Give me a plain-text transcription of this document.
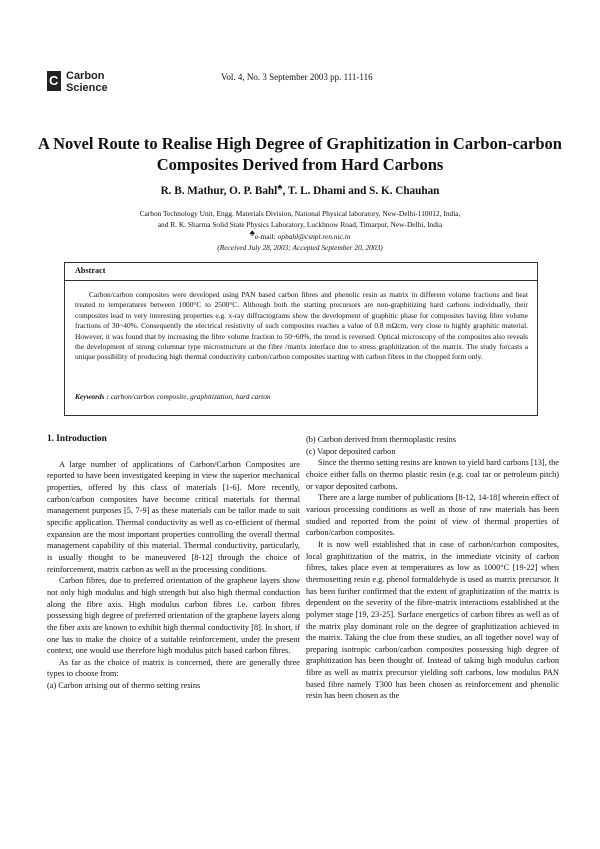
C
Carbon
Science
Vol. 4, No. 3 September 2003 pp. 111-116
A Novel Route to Realise High Degree of Graphitization in Carbon-carbon Composites Derived from Hard Carbons
R. B. Mathur, O. P. Bahl♣, T. L. Dhami and S. K. Chauhan
Carbon Technology Unit, Engg. Materials Division, National Physical laboratory, New-Delhi-110012, India,
and R. K. Sharma Solid State Physics Laboratory, Luckhnow Road, Timarpur, New-Delhi, India
♣e-mail: opbahl@csnpl.ren.nic.in
(Received July 28, 2003; Accepted September 20, 2003)
Abstract
Carbon/carbon composites were developed using PAN based carbon fibres and phenolic resin as matrix in different volume fractions and heat treated to temperatures between 1000°C to 2500°C. Although both the starting precursors are non-graphitizing hard carbons individually, their composites lead to very interesting properties e.g. x-ray diffractograms show the development of graphitic phase for composites having fibre volume fractions of 30~40%. Consequently the electrical resistivity of such composites reaches a value of 0.8 mΩcm, very close to highly graphitic material. However, it was found that by increasing the fibre volume fraction to 50~60%, the trend is reversed. Optical microscopy of the composites also reveals the development of strong columnar type microstructure at the fibre /matrix interface due to stress graphitization of the matrix. The study forcasts a unique possibility of producing high thermal conductivity carbon/carbon composites starting with carbon fibres in the chopped form only.
Keywords : carbon/carbon composite, graphitization, hard carton
1. Introduction

A large number of applications of Carbon/Carbon Composites are reported to have been investigated keeping in view the superior mechanical properties, offered by this class of materials [1-6]. More recently, carbon/carbon composites have become critical materials for thermal management purposes [5, 7-9] as these materials can be tailor made to suit specific application. Thermal conductivity as well as co-efficient of thermal expansion are the most important properties controlling the overall thermal management capability of this material. Thermal conductivity, particularly, is usually thought to be maneuvered [8-12] through the choice of reinforcement, matrix carbon as well as the processing conditions.

Carbon fibres, due to preferred orientation of the graphene layers show not only high modulus and high strength but also high thermal conduction along the fibre axis. High modulus carbon fibres i.e. carbon fibres possessing high degree of preferred orientation of the graphene layers along the fiber axis are known to exhibit high thermal conductivity [8]. In short, if one has to make the choice of a suitable reinforcement, under the present context, one would use therefore high modulus pitch based carbon fibres.

As far as the choice of matrix is concerned, there are generally three types to choose from:

(a) Carbon arising out of thermo setting resins

(b) Carbon derived from thermoplastic resins

(c) Vapor deposited carbon

Since the thermo setting resins are known to yield hard carbons [13], the choice either falls on thermo plastic resin (e.g. coal tar or petroleum pitch) or vapor deposited carbons.

There are a large number of publications [8-12, 14-18] wherein effect of various processing conditions as well as those of raw materials has been studied and reported from the point of view of thermal properties of carbon/carbon composites.

It is now well established that in case of carbon/carbon composites, local graphitization of the matrix, in the immediate vicinity of carbon fibres, takes place even at temperatures as low as 1000°C [19-22] when thermosetting resin e.g. phenol formaldehyde is used as matrix precursor. It has been further confirmed that the extent of graphitization of the matrix is dependent on the severity of the fibre-matrix interactions established at the polymer stage [19, 23-25]. Surface energetics of carbon fibres as well as of the matrix play dominant role on the degree of graphitization achieved in the matrix. Taking the clue from these studies, an all together novel way of preparing isotropic carbon/carbon composites possessing high degree of graphitization has been thought of. Instead of taking high modulus carbon fibre as well as matrix precursor yielding soft carbons, low modulus PAN based fibre namely T300 has been chosen as reinforcement and phenolic resin has been chosen as the
